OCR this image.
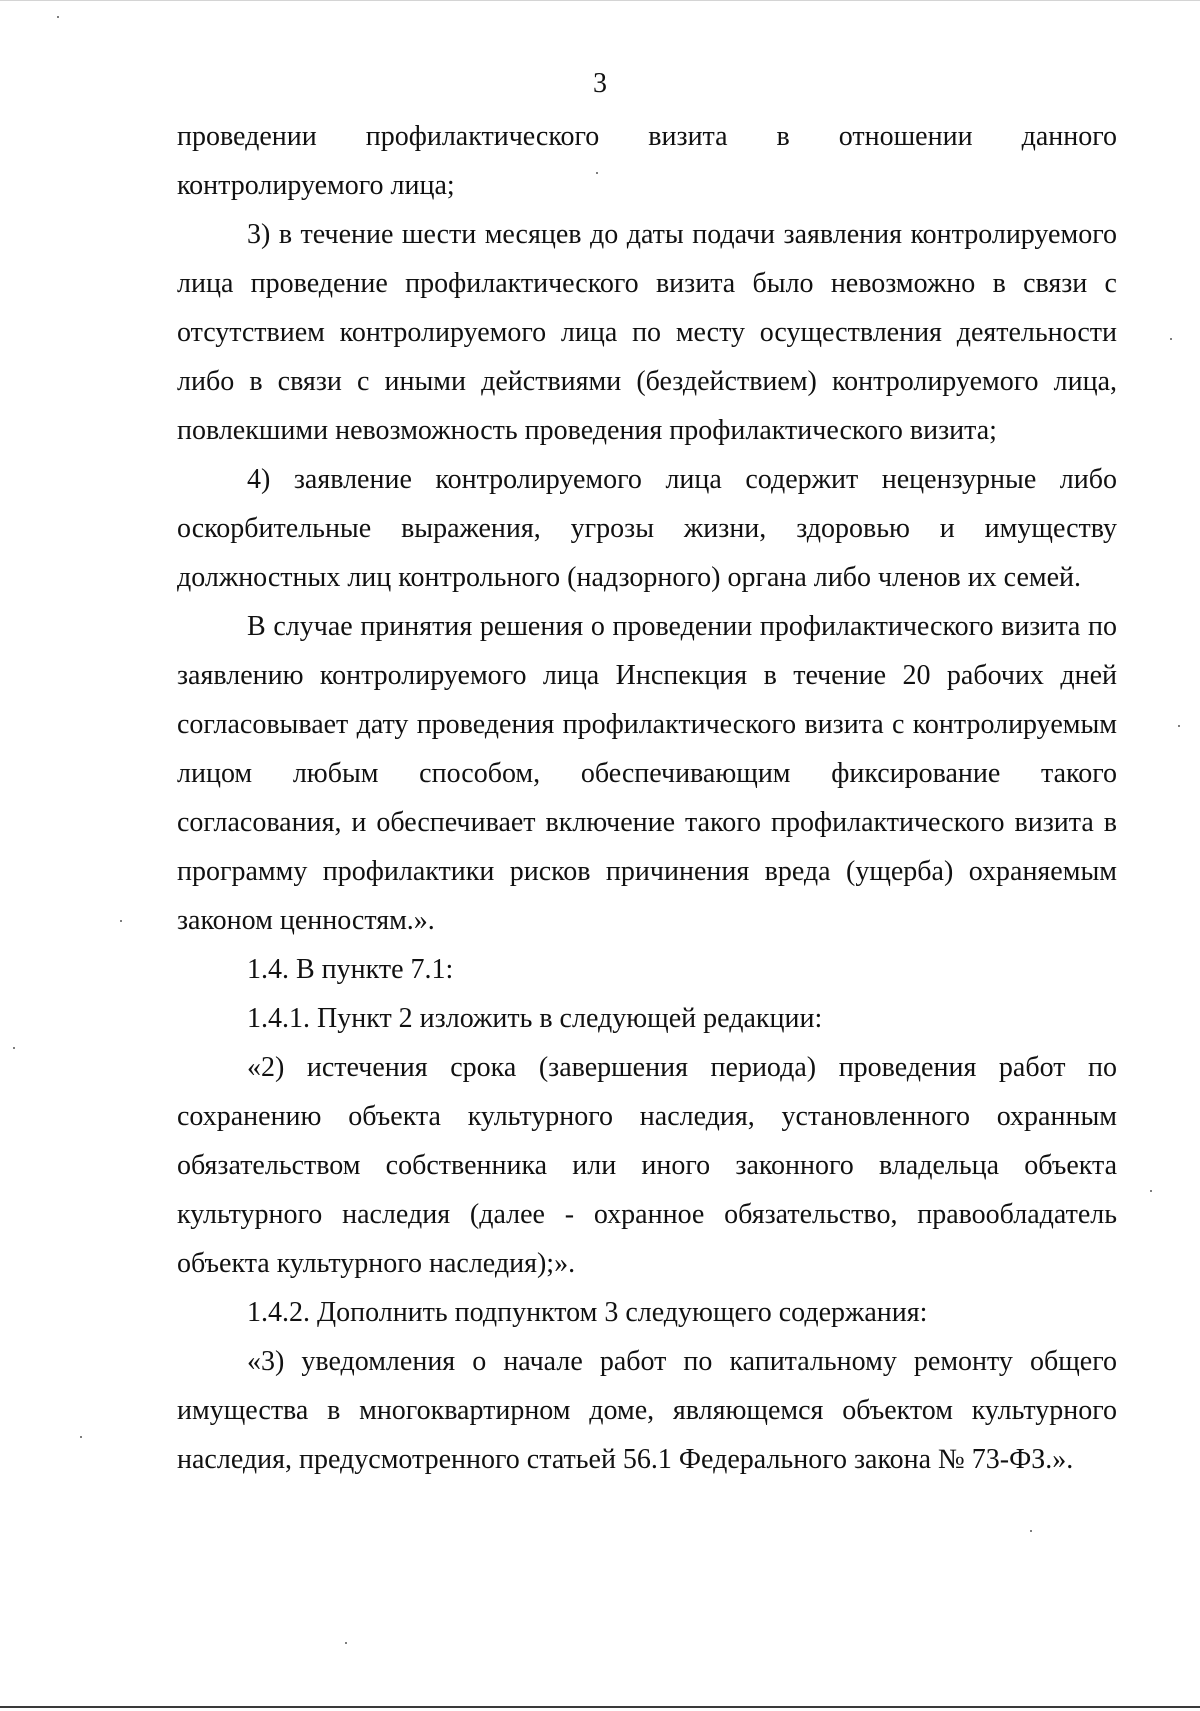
3

проведении профилактического визита в отношении данного контролируемого лица;

3) в течение шести месяцев до даты подачи заявления контролируемого лица проведение профилактического визита было невозможно в связи с отсутствием контролируемого лица по месту осуществления деятельности либо в связи с иными действиями (бездействием) контролируемого лица, повлекшими невозможность проведения профилактического визита;

4) заявление контролируемого лица содержит нецензурные либо оскорбительные выражения, угрозы жизни, здоровью и имуществу должностных лиц контрольного (надзорного) органа либо членов их семей.

В случае принятия решения о проведении профилактического визита по заявлению контролируемого лица Инспекция в течение 20 рабочих дней согласовывает дату проведения профилактического визита с контролируемым лицом любым способом, обеспечивающим фиксирование такого согласования, и обеспечивает включение такого профилактического визита в программу профилактики рисков причинения вреда (ущерба) охраняемым законом ценностям.».

1.4. В пункте 7.1:

1.4.1. Пункт 2 изложить в следующей редакции:

«2) истечения срока (завершения периода) проведения работ по сохранению объекта культурного наследия, установленного охранным обязательством собственника или иного законного владельца объекта культурного наследия (далее - охранное обязательство, правообладатель объекта культурного наследия);».

1.4.2. Дополнить подпунктом 3 следующего содержания:

«3) уведомления о начале работ по капитальному ремонту общего имущества в многоквартирном доме, являющемся объектом культурного наследия, предусмотренного статьей 56.1 Федерального закона № 73-ФЗ.».
